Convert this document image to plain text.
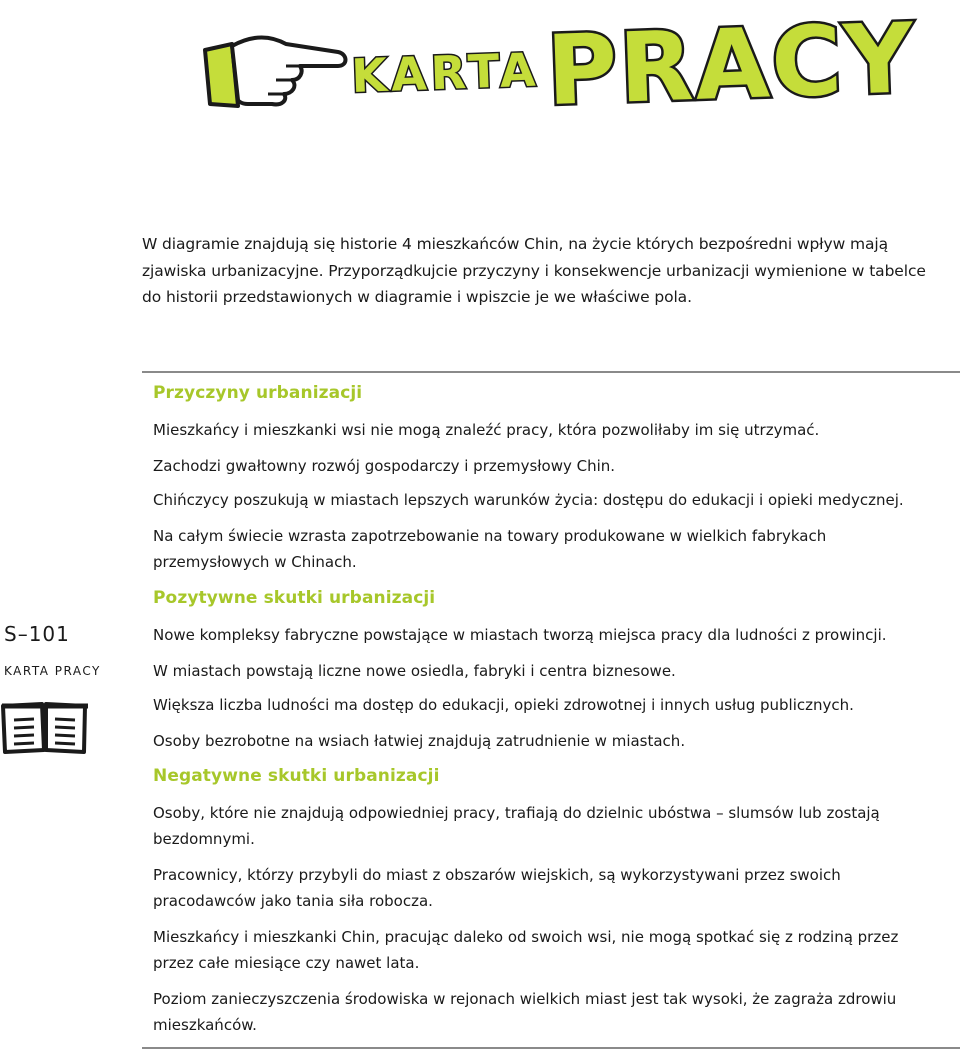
KARTA PRACY

W diagramie znajdują się historie 4 mieszkańców Chin, na życie których bezpośredni wpływ mają zjawiska urbanizacyjne. Przyporządkujcie przyczyny i konsekwencje urbanizacji wymienione w tabelce do historii przedstawionych w diagramie i wpiszcie je we właściwe pola.

S–101
KARTA PRACY
Przyczyny urbanizacji

Mieszkańcy i mieszkanki wsi nie mogą znaleźć pracy, która pozwoliłaby im się utrzymać.

Zachodzi gwałtowny rozwój gospodarczy i przemysłowy Chin.

Chińczycy poszukują w miastach lepszych warunków życia: dostępu do edukacji i opieki medycznej.

Na całym świecie wzrasta zapotrzebowanie na towary produkowane w wielkich fabrykach przemysłowych w Chinach.

Pozytywne skutki urbanizacji

Nowe kompleksy fabryczne powstające w miastach tworzą miejsca pracy dla ludności z prowincji.

W miastach powstają liczne nowe osiedla, fabryki i centra biznesowe.

Większa liczba ludności ma dostęp do edukacji, opieki zdrowotnej i innych usług publicznych.

Osoby bezrobotne na wsiach łatwiej znajdują zatrudnienie w miastach.

Negatywne skutki urbanizacji

Osoby, które nie znajdują odpowiedniej pracy, trafiają do dzielnic ubóstwa – slumsów lub zostają bezdomnymi.

Pracownicy, którzy przybyli do miast z obszarów wiejskich, są wykorzystywani przez swoich pracodawców jako tania siła robocza.

Mieszkańcy i mieszkanki Chin, pracując daleko od swoich wsi, nie mogą spotkać się z rodziną przez przez całe miesiące czy nawet lata.

Poziom zanieczyszczenia środowiska w rejonach wielkich miast jest tak wysoki, że zagraża zdrowiu mieszkańców.
